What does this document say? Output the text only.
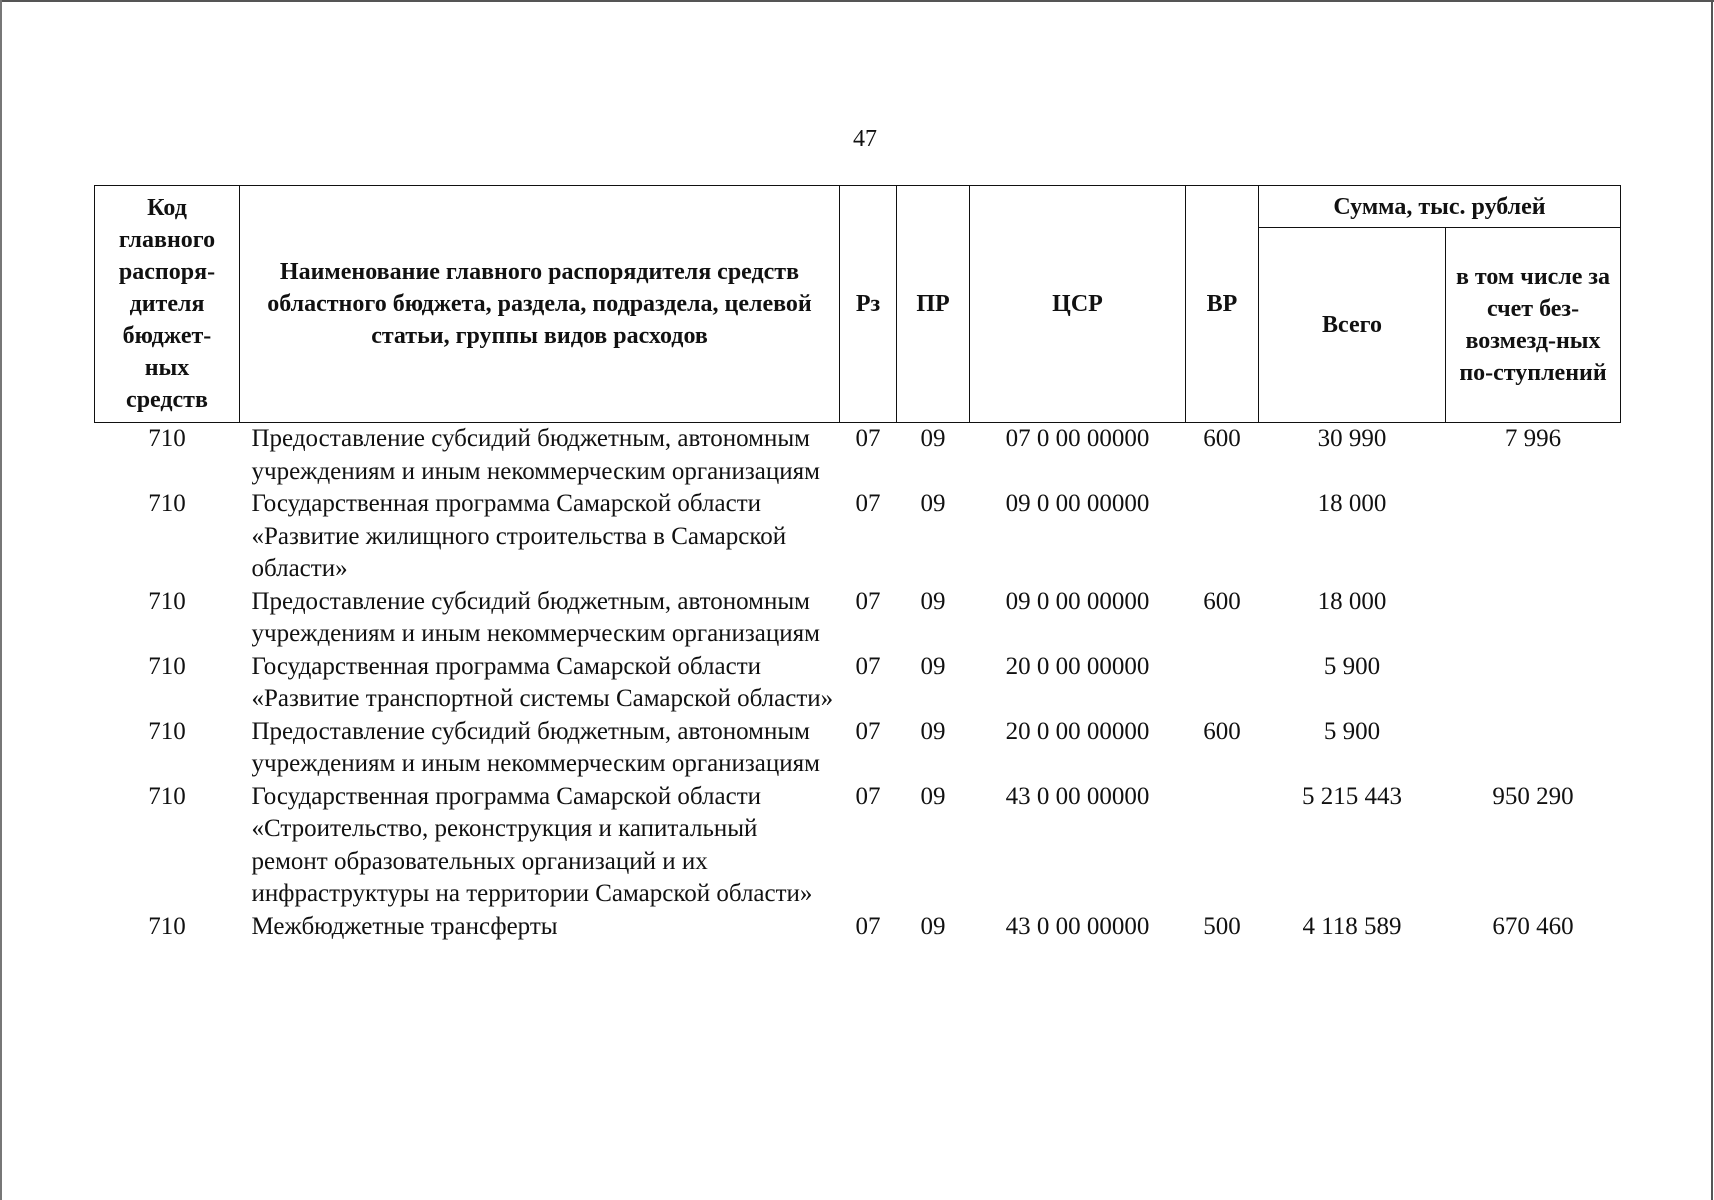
47
Код главного распоря-дителя бюджет-ных средств	Наименование главного распорядителя средств областного бюджета, раздела, подраздела, целевой статьи, группы видов расходов	Рз	ПР	ЦСР	ВР	Сумма, тыс. рублей	
						Всего	в том числе за счет без-возмезд-ных по-ступлений
710	Предоставление субсидий бюджетным, автономным учреждениям и иным некоммерческим организациям	07	09	07 0 00 00000	600	30 990	7 996
710	Государственная программа Самарской области «Развитие жилищного строительства в Самарской области»	07	09	09 0 00 00000		18 000	
710	Предоставление субсидий бюджетным, автономным учреждениям и иным некоммерческим организациям	07	09	09 0 00 00000	600	18 000	
710	Государственная программа Самарской области «Развитие транспортной системы Самарской области»	07	09	20 0 00 00000		5 900	
710	Предоставление субсидий бюджетным, автономным учреждениям и иным некоммерческим организациям	07	09	20 0 00 00000	600	5 900	
710	Государственная программа Самарской области «Строительство, реконструкция и капитальный ремонт образовательных организаций и их инфраструктуры на территории Самарской области»	07	09	43 0 00 00000		5 215 443	950 290
710	Межбюджетные трансферты	07	09	43 0 00 00000	500	4 118 589	670 460
